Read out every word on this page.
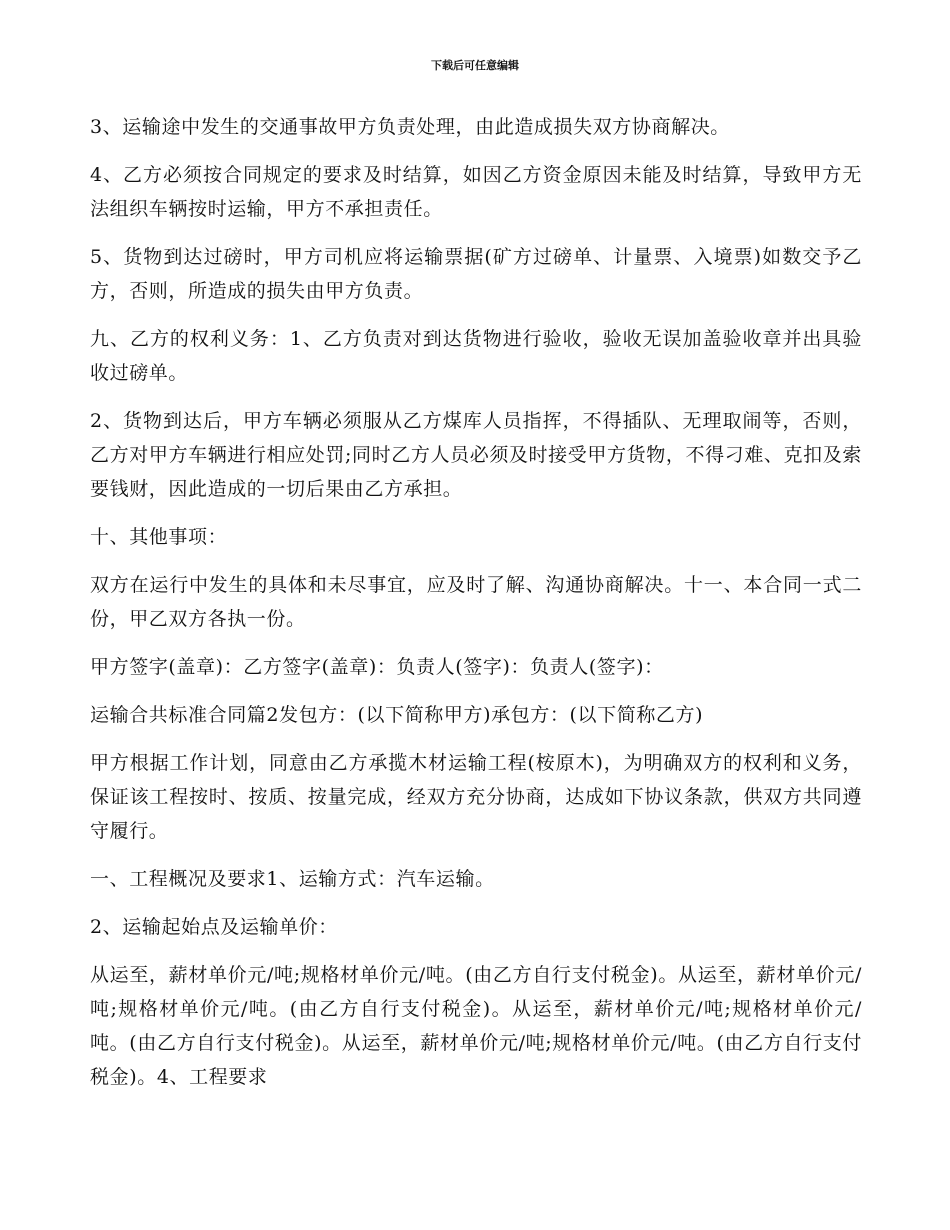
下载后可任意编辑

3、运输途中发生的交通事故甲方负责处理，由此造成损失双方协商解决。

4、乙方必须按合同规定的要求及时结算，如因乙方资金原因未能及时结算，导致甲方无法组织车辆按时运输，甲方不承担责任。

5、货物到达过磅时，甲方司机应将运输票据(矿方过磅单、计量票、入境票)如数交予乙方，否则，所造成的损失由甲方负责。

九、乙方的权利义务：1、乙方负责对到达货物进行验收，验收无误加盖验收章并出具验收过磅单。

2、货物到达后，甲方车辆必须服从乙方煤库人员指挥，不得插队、无理取闹等，否则，乙方对甲方车辆进行相应处罚;同时乙方人员必须及时接受甲方货物，不得刁难、克扣及索要钱财，因此造成的一切后果由乙方承担。

十、其他事项：

双方在运行中发生的具体和未尽事宜，应及时了解、沟通协商解决。十一、本合同一式二份，甲乙双方各执一份。

甲方签字(盖章)：乙方签字(盖章)：负责人(签字)：负责人(签字)：

运输合共标准合同篇2发包方：(以下简称甲方)承包方：(以下简称乙方)

甲方根据工作计划，同意由乙方承揽木材运输工程(桉原木)，为明确双方的权利和义务，保证该工程按时、按质、按量完成，经双方充分协商，达成如下协议条款，供双方共同遵守履行。

一、工程概况及要求1、运输方式：汽车运输。

2、运输起始点及运输单价：

从运至，薪材单价元/吨;规格材单价元/吨。(由乙方自行支付税金)。从运至，薪材单价元/吨;规格材单价元/吨。(由乙方自行支付税金)。从运至，薪材单价元/吨;规格材单价元/吨。(由乙方自行支付税金)。从运至，薪材单价元/吨;规格材单价元/吨。(由乙方自行支付税金)。4、工程要求
